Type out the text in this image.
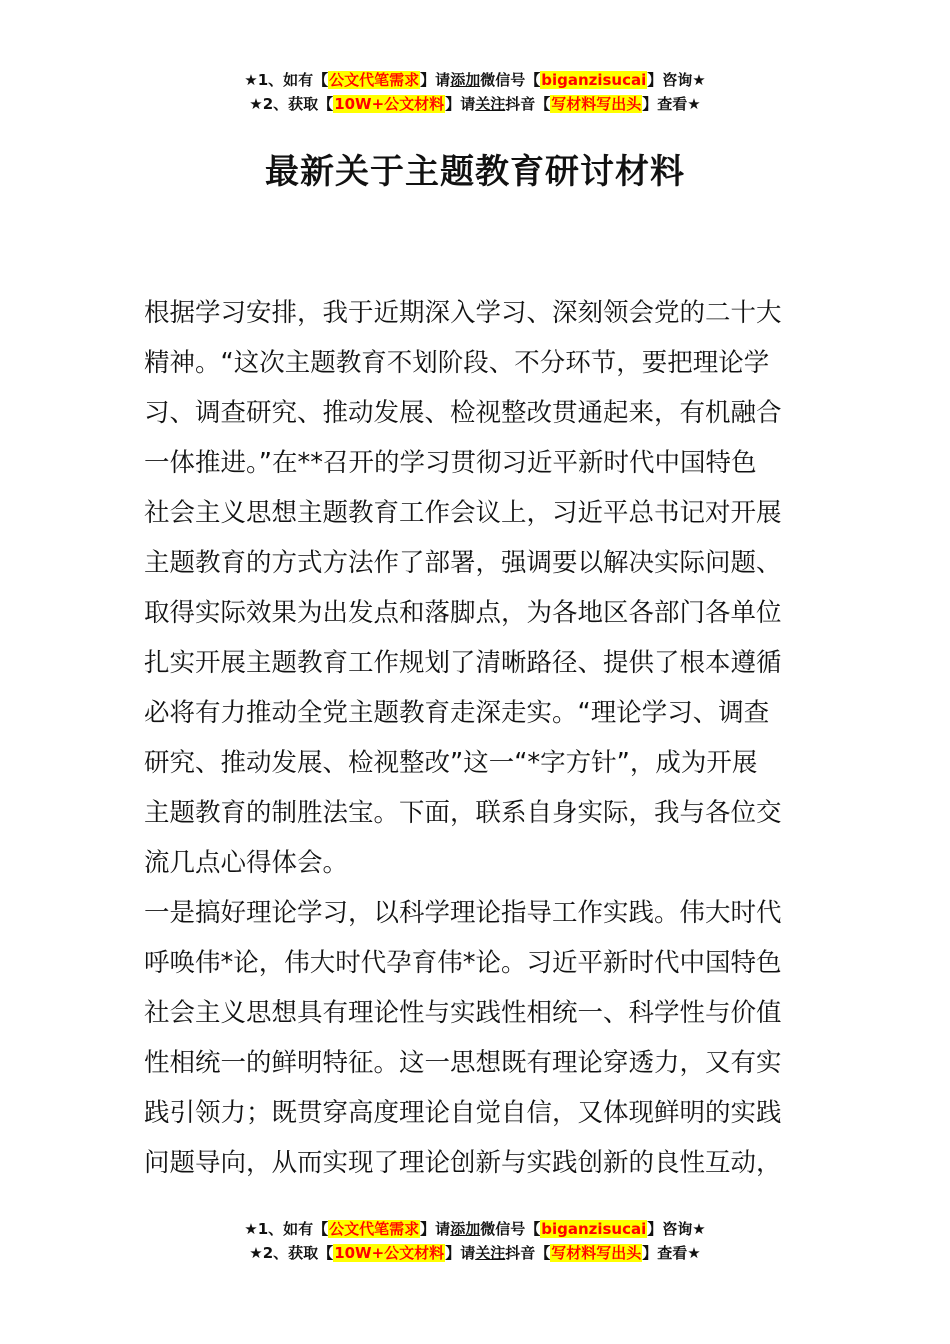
★1、如有【公文代笔需求】请添加微信号【biganzisucai】咨询★
★2、获取【10W+公文材料】请关注抖音【写材料写出头】查看★
最新关于主题教育研讨材料
根据学习安排，我于近期深入学习、深刻领会党的二十大
精神。“这次主题教育不划阶段、不分环节，要把理论学
习、调查研究、推动发展、检视整改贯通起来，有机融合
一体推进。”在**召开的学习贯彻习近平新时代中国特色
社会主义思想主题教育工作会议上，习近平总书记对开展
主题教育的方式方法作了部署，强调要以解决实际问题、
取得实际效果为出发点和落脚点，为各地区各部门各单位
扎实开展主题教育工作规划了清晰路径、提供了根本遵循
必将有力推动全党主题教育走深走实。“理论学习、调查
研究、推动发展、检视整改”这一“*字方针”，成为开展
主题教育的制胜法宝。下面，联系自身实际，我与各位交
流几点心得体会。
一是搞好理论学习，以科学理论指导工作实践。伟大时代
呼唤伟*论，伟大时代孕育伟*论。习近平新时代中国特色
社会主义思想具有理论性与实践性相统一、科学性与价值
性相统一的鲜明特征。这一思想既有理论穿透力，又有实
践引领力；既贯穿高度理论自觉自信，又体现鲜明的实践
问题导向，从而实现了理论创新与实践创新的良性互动，
★1、如有【公文代笔需求】请添加微信号【biganzisucai】咨询★
★2、获取【10W+公文材料】请关注抖音【写材料写出头】查看★
